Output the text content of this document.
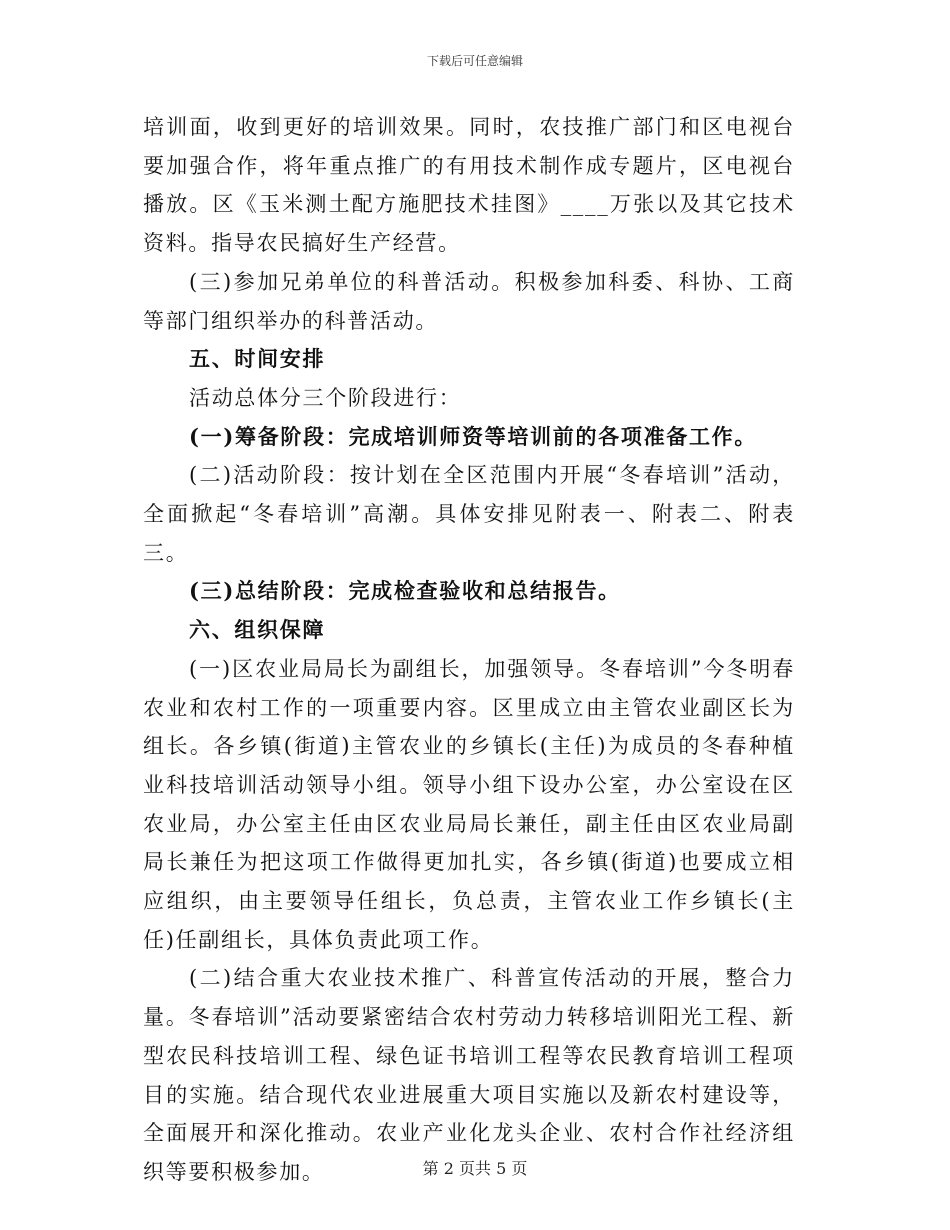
下载后可任意编辑

培训面，收到更好的培训效果。同时，农技推广部门和区电视台要加强合作，将年重点推广的有用技术制作成专题片，区电视台播放。区《玉米测土配方施肥技术挂图》____万张以及其它技术资料。指导农民搞好生产经营。

(三)参加兄弟单位的科普活动。积极参加科委、科协、工商等部门组织举办的科普活动。

五、时间安排

活动总体分三个阶段进行：

(一)筹备阶段：完成培训师资等培训前的各项准备工作。

(二)活动阶段：按计划在全区范围内开展“冬春培训”活动，全面掀起“冬春培训”高潮。具体安排见附表一、附表二、附表三。

(三)总结阶段：完成检查验收和总结报告。

六、组织保障

(一)区农业局局长为副组长，加强领导。冬春培训”今冬明春农业和农村工作的一项重要内容。区里成立由主管农业副区长为组长。各乡镇(街道)主管农业的乡镇长(主任)为成员的冬春种植业科技培训活动领导小组。领导小组下设办公室，办公室设在区农业局，办公室主任由区农业局局长兼任，副主任由区农业局副局长兼任为把这项工作做得更加扎实，各乡镇(街道)也要成立相应组织，由主要领导任组长，负总责，主管农业工作乡镇长(主任)任副组长，具体负责此项工作。

(二)结合重大农业技术推广、科普宣传活动的开展，整合力量。冬春培训”活动要紧密结合农村劳动力转移培训阳光工程、新型农民科技培训工程、绿色证书培训工程等农民教育培训工程项目的实施。结合现代农业进展重大项目实施以及新农村建设等，全面展开和深化推动。农业产业化龙头企业、农村合作社经济组织等要积极参加。	第 2 页共 5 页
